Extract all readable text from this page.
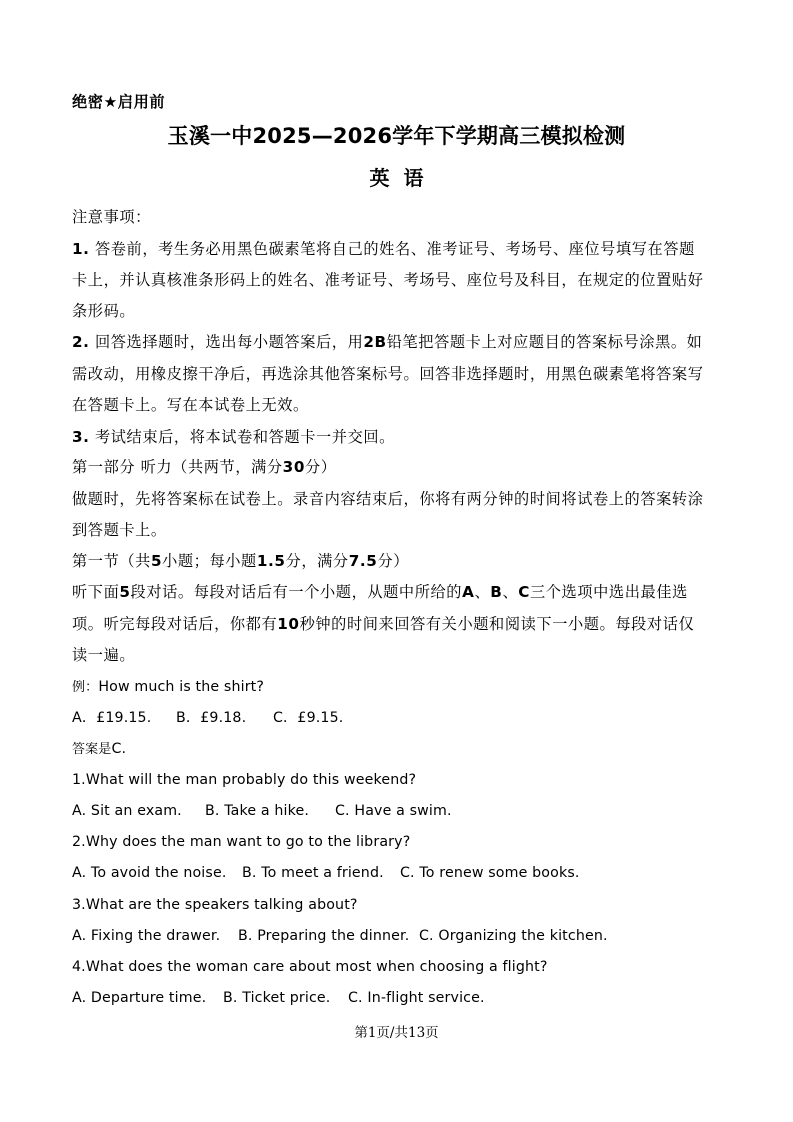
绝密★启用前
玉溪一中2025—2026学年下学期高三模拟检测
英语
注意事项：
1. 答卷前，考生务必用黑色碳素笔将自己的姓名、准考证号、考场号、座位号填写在答题
卡上，并认真核准条形码上的姓名、准考证号、考场号、座位号及科目，在规定的位置贴好
条形码。
2. 回答选择题时，选出每小题答案后，用2B铅笔把答题卡上对应题目的答案标号涂黑。如
需改动，用橡皮擦干净后，再选涂其他答案标号。回答非选择题时，用黑色碳素笔将答案写
在答题卡上。写在本试卷上无效。
3. 考试结束后，将本试卷和答题卡一并交回。
第一部分 听力（共两节，满分30分）
做题时，先将答案标在试卷上。录音内容结束后，你将有两分钟的时间将试卷上的答案转涂
到答题卡上。
第一节（共5小题；每小题1.5分，满分7.5分）
听下面5段对话。每段对话后有一个小题，从题中所给的A、B、C三个选项中选出最佳选
项。听完每段对话后，你都有10秒钟的时间来回答有关小题和阅读下一小题。每段对话仅
读一遍。
例：How much is the shirt?
A．£19.15. B．£9.18. C．£9.15.
答案是C.
1.What will the man probably do this weekend?
A. Sit an exam. B. Take a hike. C. Have a swim.
2.Why does the man want to go to the library?
A. To avoid the noise. B. To meet a friend. C. To renew some books.
3.What are the speakers talking about?
A. Fixing the drawer. B. Preparing the dinner. C. Organizing the kitchen.
4.What does the woman care about most when choosing a flight?
A. Departure time. B. Ticket price. C. In-flight service.
第1页/共13页
